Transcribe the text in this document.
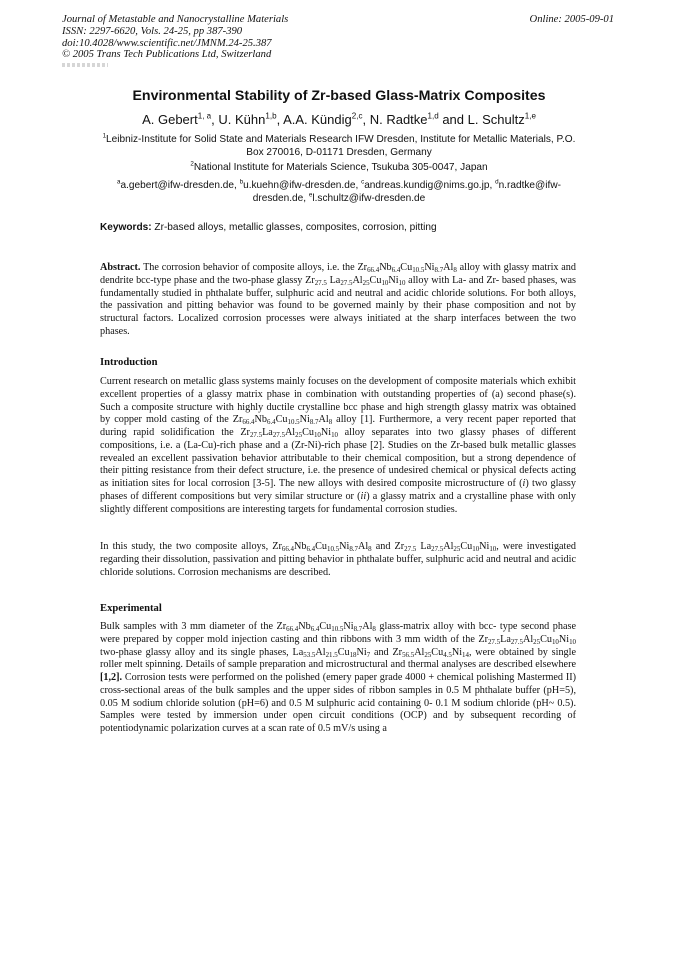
Journal of Metastable and Nanocrystalline Materials
ISSN: 2297-6620, Vols. 24-25, pp 387-390
doi:10.4028/www.scientific.net/JMNM.24-25.387
© 2005 Trans Tech Publications Ltd, Switzerland
Online: 2005-09-01
Environmental Stability of Zr-based Glass-Matrix Composites
A. Gebert$^{1, a}$, U. Kühn$^{1,b}$, A.A. Kündig$^{2,c}$, N. Radtke$^{1,d}$ and L. Schultz$^{1,e}$
$^1$Leibniz-Institute for Solid State and Materials Research IFW Dresden, Institute for Metallic Materials, P.O. Box 270016, D-01171 Dresden, Germany
$^2$National Institute for Materials Science, Tsukuba 305-0047, Japan
$^a$a.gebert@ifw-dresden.de, $^b$u.kuehn@ifw-dresden.de, $^c$andreas.kundig@nims.go.jp, $^d$n.radtke@ifw-dresden.de, $^e$l.schultz@ifw-dresden.de
Keywords: Zr-based alloys, metallic glasses, composites, corrosion, pitting
Abstract. The corrosion behavior of composite alloys, i.e. the $Zr_{66.4}Nb_{6.4}Cu_{10.5}Ni_{8.7}Al_8$ alloy with glassy matrix and dendrite bcc-type phase and the two-phase glassy $Zr_{27.5}$ $La_{27.5}Al_{25}Cu_{10}Ni_{10}$ alloy with La- and Zr- based phases, was fundamentally studied in phthalate buffer, sulphuric acid and neutral and acidic chloride solutions. For both alloys, the passivation and pitting behavior was found to be governed mainly by their phase composition and not by structural factors. Localized corrosion processes were always initiated at the sharp interfaces between the two phases.
Introduction
Current research on metallic glass systems mainly focuses on the development of composite materials which exhibit excellent properties of a glassy matrix phase in combination with outstanding properties of (a) second phase(s). Such a composite structure with highly ductile crystalline bcc phase and high strength glassy matrix was obtained by copper mold casting of the $Zr_{66.4}Nb_{6.4}Cu_{10.5}Ni_{8.7}Al_8$ alloy [1]. Furthermore, a very recent paper reported that during rapid solidification the $Zr_{27.5}La_{27.5}Al_{25}Cu_{10}Ni_{10}$ alloy separates into two glassy phases of different compositions, i.e. a (La-Cu)-rich phase and a (Zr-Ni)-rich phase [2]. Studies on the Zr-based bulk metallic glasses revealed an excellent passivation behavior attributable to their chemical composition, but a strong dependence of their pitting resistance from their defect structure, i.e. the presence of undesired chemical or physical defects acting as initiation sites for local corrosion [3-5]. The new alloys with desired composite microstructure of (i) two glassy phases of different compositions but very similar structure or (ii) a glassy matrix and a crystalline phase with only slightly different compositions are interesting targets for fundamental corrosion studies.
In this study, the two composite alloys, $Zr_{66.4}Nb_{6.4}Cu_{10.5}Ni_{8.7}Al_8$ and $Zr_{27.5}$ $La_{27.5}Al_{25}Cu_{10}Ni_{10}$, were investigated regarding their dissolution, passivation and pitting behavior in phthalate buffer, sulphuric acid and neutral and acidic chloride solutions. Corrosion mechanisms are described.
Experimental
Bulk samples with 3 mm diameter of the $Zr_{66.4}Nb_{6.4}Cu_{10.5}Ni_{8.7}Al_8$ glass-matrix alloy with bcc- type second phase were prepared by copper mold injection casting and thin ribbons with 3 mm width of the $Zr_{27.5}La_{27.5}Al_{25}Cu_{10}Ni_{10}$ two-phase glassy alloy and its single phases, $La_{53.5}Al_{21.5}Cu_{18}Ni_7$ and $Zr_{56.5}Al_{25}Cu_{4.5}Ni_{14}$, were obtained by single roller melt spinning. Details of sample preparation and microstructural and thermal analyses are described elsewhere [1,2]. Corrosion tests were performed on the polished (emery paper grade 4000 + chemical polishing Mastermed II) cross-sectional areas of the bulk samples and the upper sides of ribbon samples in 0.5 M phthalate buffer (pH=5), 0.05 M sodium chloride solution (pH=6) and 0.5 M sulphuric acid containing 0- 0.1 M sodium chloride (pH~ 0.5). Samples were tested by immersion under open circuit conditions (OCP) and by subsequent recording of potentiodynamic polarization curves at a scan rate of 0.5 mV/s using a
